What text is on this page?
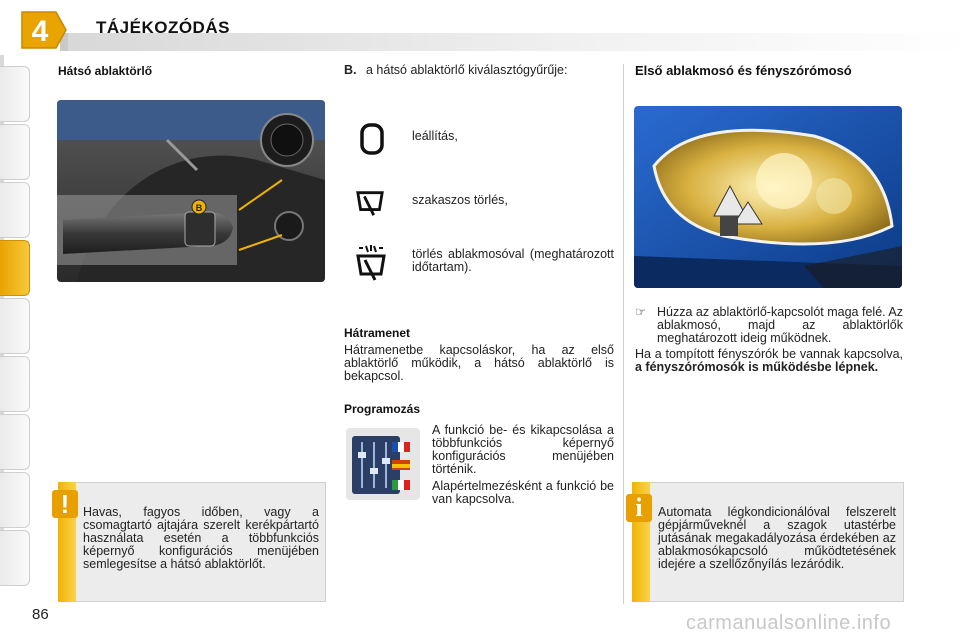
4	TÁJÉKOZÓDÁS
Hátsó ablaktörlő
B
!	Havas, fagyos időben, vagy a csomagtartó ajtajára szerelt kerékpártartó használata esetén a többfunkciós képernyő konfigurációs menüjében semlegesítse a hátsó ablaktörlőt.
B. a hátsó ablaktörlő kiválasztógyűrűje:
leállítás,
szakaszos törlés,
törlés ablakmosóval (meghatározott időtartam).
Hátramenet
Hátramenetbe kapcsoláskor, ha az első ablaktörlő működik, a hátsó ablaktörlő is bekapcsol.
Programozás
A funkció be- és kikapcsolása a többfunkciós képernyő konfigurációs menüjében történik.
Alapértelmezésként a funkció be van kapcsolva.
Első ablakmosó és fényszórómosó
☞ Húzza az ablaktörlő-kapcsolót maga felé. Az ablakmosó, majd az ablaktörlők meghatározott ideig működnek.
Ha a tompított fényszórók be vannak kapcsolva, a fényszórómosók is működésbe lépnek.
i	Automata légkondicionálóval felszerelt gépjárműveknél a szagok utastérbe jutásának megakadályozása érdekében az ablakmosókapcsoló működtetésének idejére a szellőzőnyílás lezáródik.
86	carmanualsonline.info
